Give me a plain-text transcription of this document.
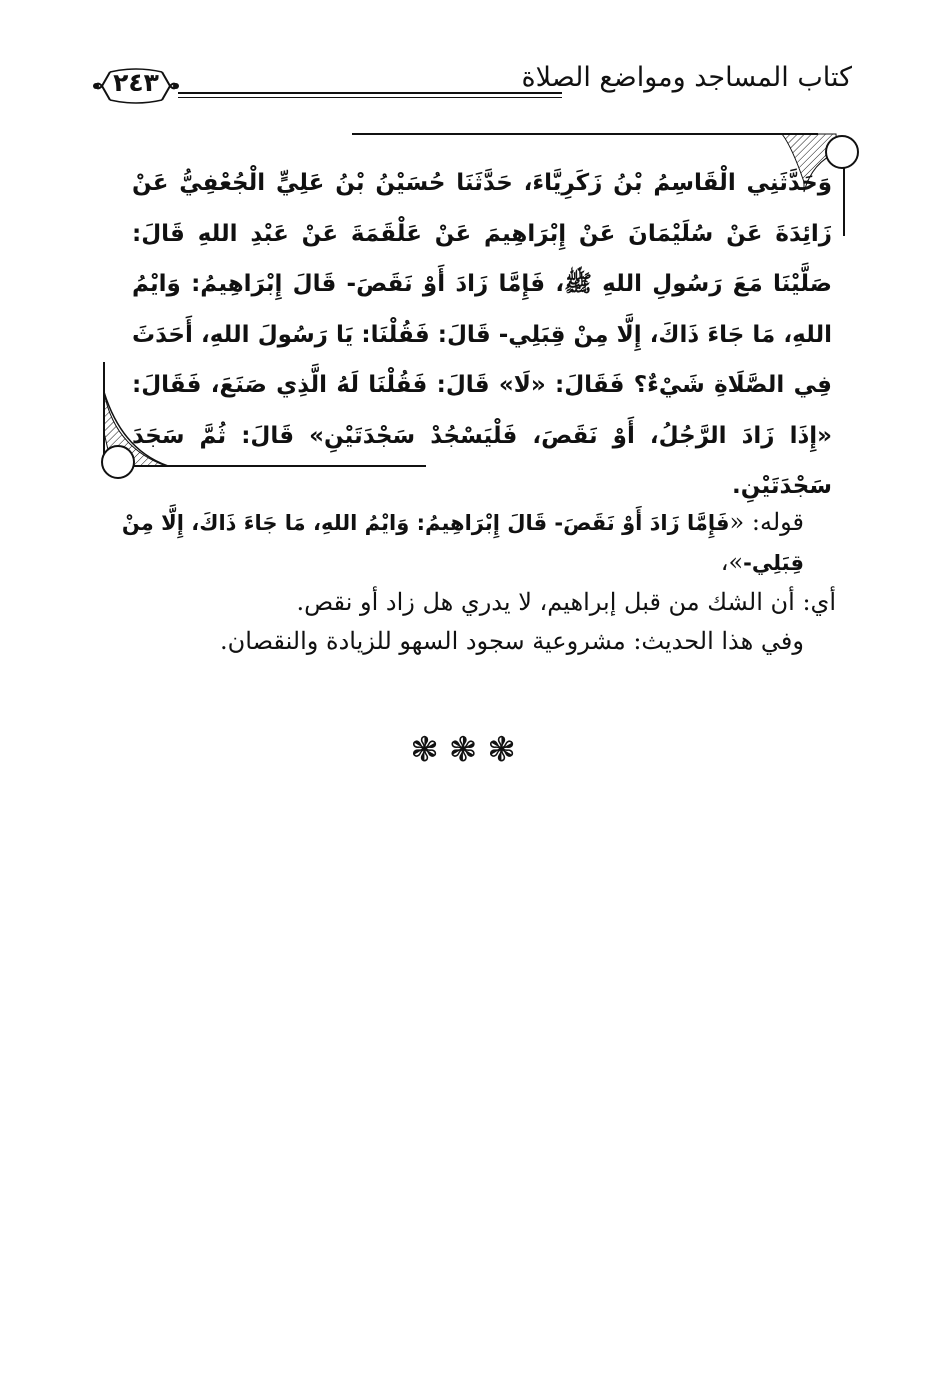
كتاب المساجد ومواضع الصلاة
٢٤٣

وَحَدَّثَنِي الْقَاسِمُ بْنُ زَكَرِيَّاءَ، حَدَّثَنَا حُسَيْنُ بْنُ عَلِيٍّ الْجُعْفِيُّ عَنْ زَائِدَةَ عَنْ سُلَيْمَانَ عَنْ إِبْرَاهِيمَ عَنْ عَلْقَمَةَ عَنْ عَبْدِ اللهِ قَالَ: صَلَّيْنَا مَعَ رَسُولِ اللهِ ﷺ، فَإِمَّا زَادَ أَوْ نَقَصَ- قَالَ إِبْرَاهِيمُ: وَايْمُ اللهِ، مَا جَاءَ ذَاكَ، إِلَّا مِنْ قِبَلِي- قَالَ: فَقُلْنَا: يَا رَسُولَ اللهِ، أَحَدَثَ فِي الصَّلَاةِ شَيْءٌ؟ فَقَالَ: «لَا» قَالَ: فَقُلْنَا لَهُ الَّذِي صَنَعَ، فَقَالَ: «إِذَا زَادَ الرَّجُلُ، أَوْ نَقَصَ، فَلْيَسْجُدْ سَجْدَتَيْنِ» قَالَ: ثُمَّ سَجَدَ سَجْدَتَيْنِ.

قوله: «فَإِمَّا زَادَ أَوْ نَقَصَ- قَالَ إِبْرَاهِيمُ: وَايْمُ اللهِ، مَا جَاءَ ذَاكَ، إِلَّا مِنْ قِبَلِي-»،

أي: أن الشك من قبل إبراهيم، لا يدري هل زاد أو نقص.

وفي هذا الحديث: مشروعية سجود السهو للزيادة والنقصان.

❃❃❃
